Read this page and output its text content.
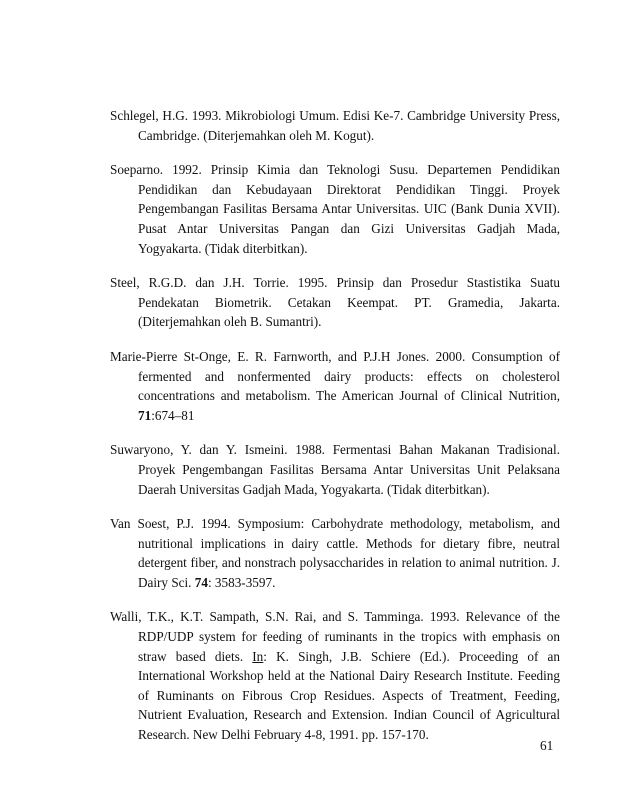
Schlegel, H.G. 1993. Mikrobiologi Umum. Edisi Ke-7. Cambridge University Press, Cambridge. (Diterjemahkan oleh M. Kogut).

Soeparno. 1992. Prinsip Kimia dan Teknologi Susu. Departemen Pendidikan Pendidikan dan Kebudayaan Direktorat Pendidikan Tinggi. Proyek Pengembangan Fasilitas Bersama Antar Universitas. UIC (Bank Dunia XVII). Pusat Antar Universitas Pangan dan Gizi Universitas Gadjah Mada, Yogyakarta. (Tidak diterbitkan).

Steel, R.G.D. dan J.H. Torrie. 1995. Prinsip dan Prosedur Stastistika Suatu Pendekatan Biometrik. Cetakan Keempat. PT. Gramedia, Jakarta. (Diterjemahkan oleh B. Sumantri).

Marie-Pierre St-Onge, E. R. Farnworth, and P.J.H Jones. 2000. Consumption of fermented and nonfermented dairy products: effects on cholesterol concentrations and metabolism. The American Journal of Clinical Nutrition, 71:674–81

Suwaryono, Y. dan Y. Ismeini. 1988. Fermentasi Bahan Makanan Tradisional. Proyek Pengembangan Fasilitas Bersama Antar Universitas Unit Pelaksana Daerah Universitas Gadjah Mada, Yogyakarta. (Tidak diterbitkan).

Van Soest, P.J. 1994. Symposium: Carbohydrate methodology, metabolism, and nutritional implications in dairy cattle. Methods for dietary fibre, neutral detergent fiber, and nonstrach polysaccharides in relation to animal nutrition. J. Dairy Sci. 74: 3583-3597.

Walli, T.K., K.T. Sampath, S.N. Rai, and S. Tamminga. 1993. Relevance of the RDP/UDP system for feeding of ruminants in the tropics with emphasis on straw based diets. In: K. Singh, J.B. Schiere (Ed.). Proceeding of an International Workshop held at the National Dairy Research Institute. Feeding of Ruminants on Fibrous Crop Residues. Aspects of Treatment, Feeding, Nutrient Evaluation, Research and Extension. Indian Council of Agricultural Research. New Delhi February 4-8, 1991. pp. 157-170.

61
